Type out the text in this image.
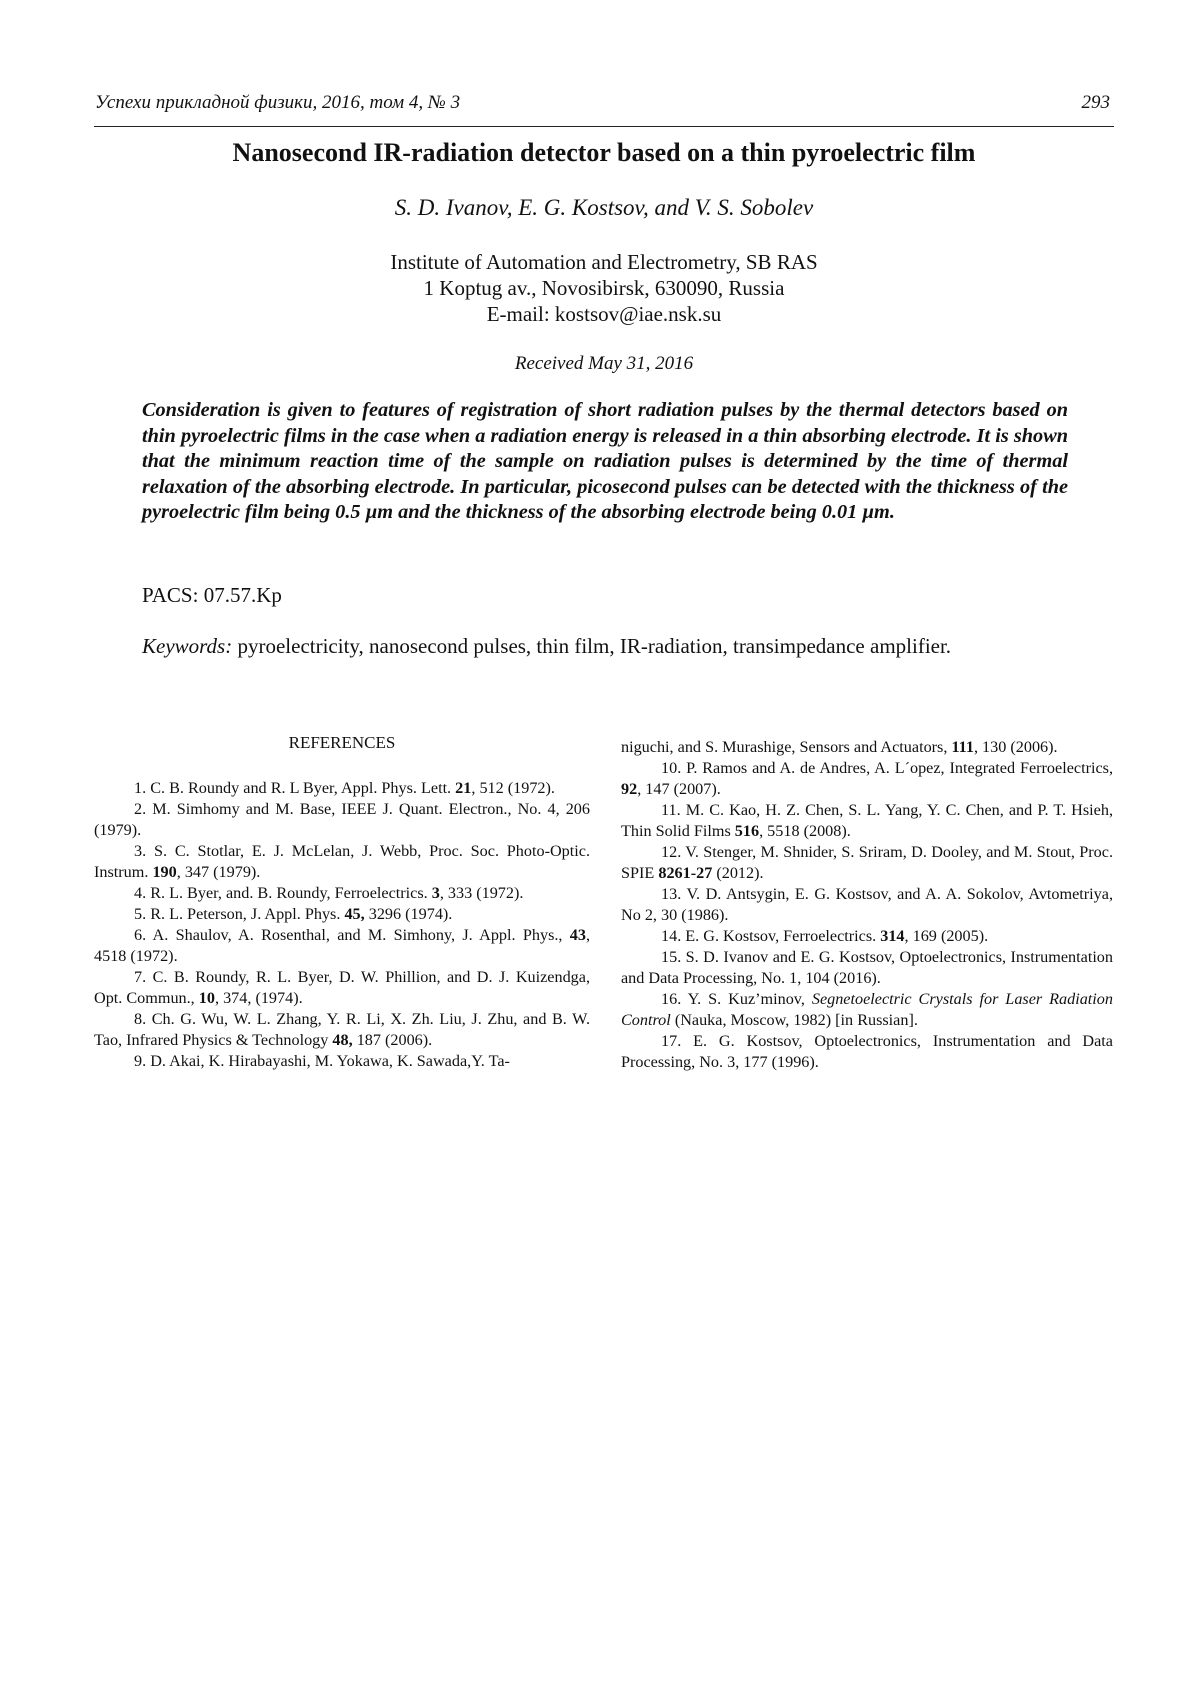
Успехи прикладной физики, 2016, том 4, № 3	293
Nanosecond IR-radiation detector based on a thin pyroelectric film
S. D. Ivanov, E. G. Kostsov, and V. S. Sobolev
Institute of Automation and Electrometry, SB RAS
1 Koptug av., Novosibirsk, 630090, Russia
E-mail: kostsov@iae.nsk.su
Received May 31, 2016
Consideration is given to features of registration of short radiation pulses by the thermal detectors based on thin pyroelectric films in the case when a radiation energy is released in a thin absorbing electrode. It is shown that the minimum reaction time of the sample on radiation pulses is determined by the time of thermal relaxation of the absorbing electrode. In particular, picosecond pulses can be detected with the thickness of the pyroelectric film being 0.5 µm and the thickness of the absorbing electrode being 0.01 µm.
PACS: 07.57.Kp
Keywords: pyroelectricity, nanosecond pulses, thin film, IR-radiation, transimpedance amplifier.
REFERENCES

1. C. B. Roundy and R. L Byer, Appl. Phys. Lett. 21, 512 (1972).

2. M. Simhomy and M. Base, IEEE J. Quant. Electron., No. 4, 206 (1979).

3. S. C. Stotlar, E. J. McLelan, J. Webb, Proc. Soc. Photo-Optic. Instrum. 190, 347 (1979).

4. R. L. Byer, and. B. Roundy, Ferroelectrics. 3, 333 (1972).

5. R. L. Peterson, J. Appl. Phys. 45, 3296 (1974).

6. A. Shaulov, A. Rosenthal, and M. Simhony, J. Appl. Phys., 43, 4518 (1972).

7. C. B. Roundy, R. L. Byer, D. W. Phillion, and D. J. Kuizendga, Opt. Commun., 10, 374, (1974).

8. Ch. G. Wu, W. L. Zhang, Y. R. Li, X. Zh. Liu, J. Zhu, and B. W. Tao, Infrared Physics & Technology 48, 187 (2006).

9. D. Akai, K. Hirabayashi, M. Yokawa, K. Sawada,Y. Ta-

niguchi, and S. Murashige, Sensors and Actuators, 111, 130 (2006).

10. P. Ramos and A. de Andres, A. L´opez, Integrated Ferroelectrics, 92, 147 (2007).

11. M. C. Kao, H. Z. Chen, S. L. Yang, Y. C. Chen, and P. T. Hsieh, Thin Solid Films 516, 5518 (2008).

12. V. Stenger, M. Shnider, S. Sriram, D. Dooley, and M. Stout, Proc. SPIE 8261-27 (2012).

13. V. D. Antsygin, E. G. Kostsov, and A. A. Sokolov, Avtometriya, No 2, 30 (1986).

14. E. G. Kostsov, Ferroelectrics. 314, 169 (2005).

15. S. D. Ivanov and E. G. Kostsov, Optoelectronics, Instrumentation and Data Processing, No. 1, 104 (2016).

16. Y. S. Kuz’minov, Segnetoelectric Crystals for Laser Radiation Control (Nauka, Moscow, 1982) [in Russian].

17. E. G. Kostsov, Optoelectronics, Instrumentation and Data Processing, No. 3, 177 (1996).
